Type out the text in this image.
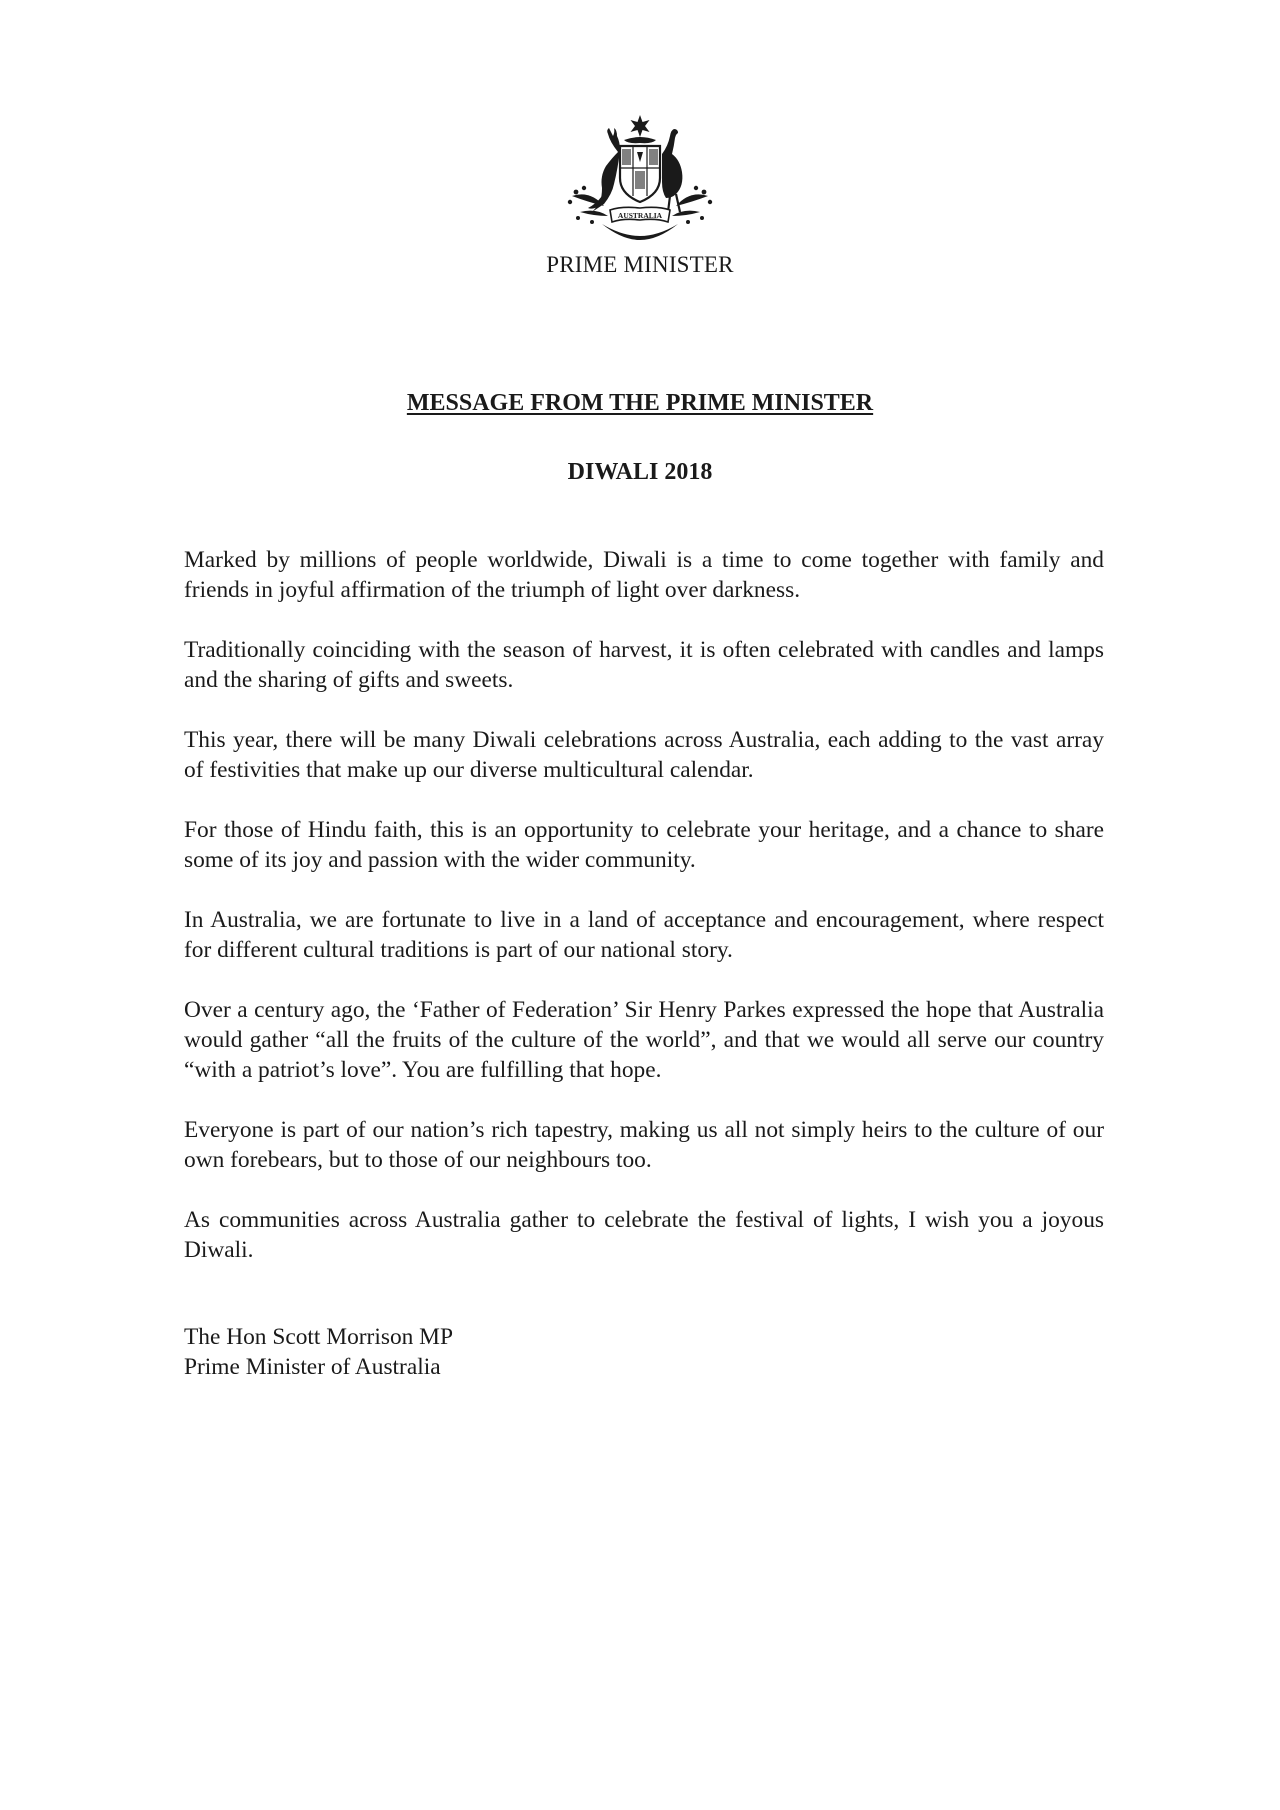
AUSTRALIA
PRIME MINISTER
MESSAGE FROM THE PRIME MINISTER
DIWALI 2018

Marked by millions of people worldwide, Diwali is a time to come together with family and friends in joyful affirmation of the triumph of light over darkness.

Traditionally coinciding with the season of harvest, it is often celebrated with candles and lamps and the sharing of gifts and sweets.

This year, there will be many Diwali celebrations across Australia, each adding to the vast array of festivities that make up our diverse multicultural calendar.

For those of Hindu faith, this is an opportunity to celebrate your heritage, and a chance to share some of its joy and passion with the wider community.

In Australia, we are fortunate to live in a land of acceptance and encouragement, where respect for different cultural traditions is part of our national story.

Over a century ago, the ‘Father of Federation’ Sir Henry Parkes expressed the hope that Australia would gather “all the fruits of the culture of the world”, and that we would all serve our country “with a patriot’s love”. You are fulfilling that hope.

Everyone is part of our nation’s rich tapestry, making us all not simply heirs to the culture of our own forebears, but to those of our neighbours too.

As communities across Australia gather to celebrate the festival of lights, I wish you a joyous Diwali.

The Hon Scott Morrison MP
Prime Minister of Australia
